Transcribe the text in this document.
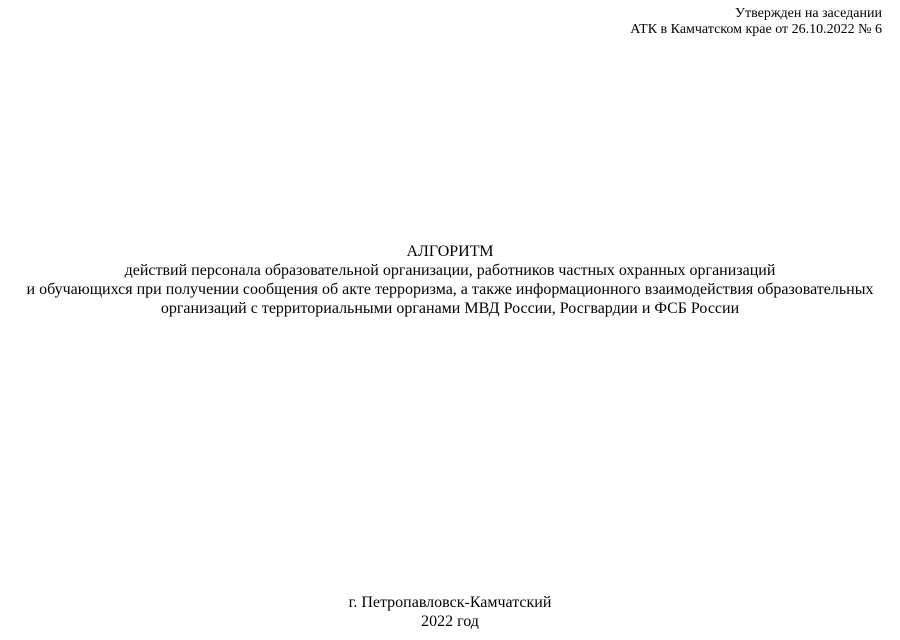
Утвержден на заседании
АТК в Камчатском крае от 26.10.2022 № 6
АЛГОРИТМ
действий персонала образовательной организации, работников частных охранных организаций
и обучающихся при получении сообщения об акте терроризма, а также информационного взаимодействия образовательных
организаций с территориальными органами МВД России, Росгвардии и ФСБ России
г. Петропавловск-Камчатский
2022 год
